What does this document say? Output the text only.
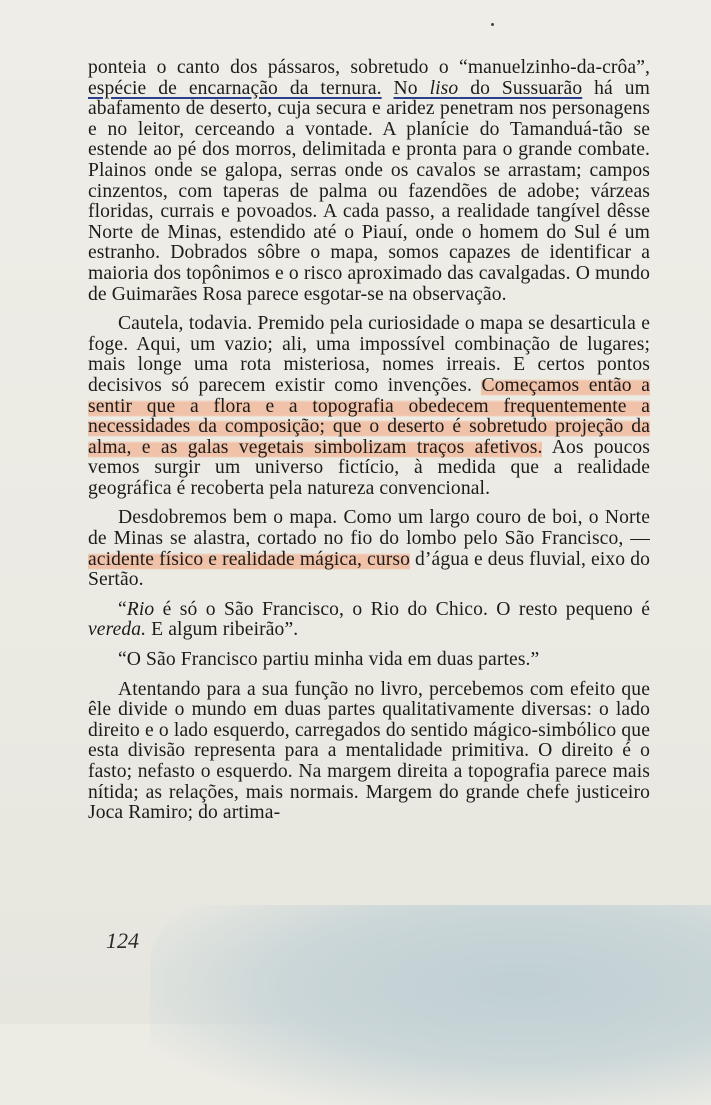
ponteia o canto dos pássaros, sobretudo o “manuelzinho-da-crôa”, espécie de encarnação da ternura. No liso do Sussuarão há um abafamento de deserto, cuja secura e aridez penetram nos personagens e no leitor, cerceando a vontade. A planície do Tamanduá-tão se estende ao pé dos morros, delimitada e pronta para o grande combate. Plainos onde se galopa, serras onde os cavalos se arrastam; campos cinzentos, com taperas de palma ou fazendões de adobe; várzeas floridas, currais e povoados. A cada passo, a realidade tangível dêsse Norte de Minas, estendido até o Piauí, onde o homem do Sul é um estranho. Dobrados sôbre o mapa, somos capazes de identificar a maioria dos topônimos e o risco aproximado das cavalgadas. O mundo de Guimarães Rosa parece esgotar-se na observação.

Cautela, todavia. Premido pela curiosidade o mapa se desarticula e foge. Aqui, um vazio; ali, uma impossível combinação de lugares; mais longe uma rota misteriosa, nomes irreais. E certos pontos decisivos só parecem existir como invenções. Começamos então a sentir que a flora e a topografia obedecem frequentemente a necessidades da composição; que o deserto é sobretudo projeção da alma, e as galas vegetais simbolizam traços afetivos. Aos poucos vemos surgir um universo fictício, à medida que a realidade geográfica é recoberta pela natureza convencional.

Desdobremos bem o mapa. Como um largo couro de boi, o Norte de Minas se alastra, cortado no fio do lombo pelo São Francisco, — acidente físico e realidade mágica, curso d’água e deus fluvial, eixo do Sertão.

“Rio é só o São Francisco, o Rio do Chico. O resto pequeno é vereda. E algum ribeirão”.

“O São Francisco partiu minha vida em duas partes.”

Atentando para a sua função no livro, percebemos com efeito que êle divide o mundo em duas partes qualitativamente diversas: o lado direito e o lado esquerdo, carregados do sentido mágico-simbólico que esta divisão representa para a mentalidade primitiva. O direito é o fasto; nefasto o esquerdo. Na margem direita a topografia parece mais nítida; as relações, mais normais. Margem do grande chefe justiceiro Joca Ramiro; do artima-

124
